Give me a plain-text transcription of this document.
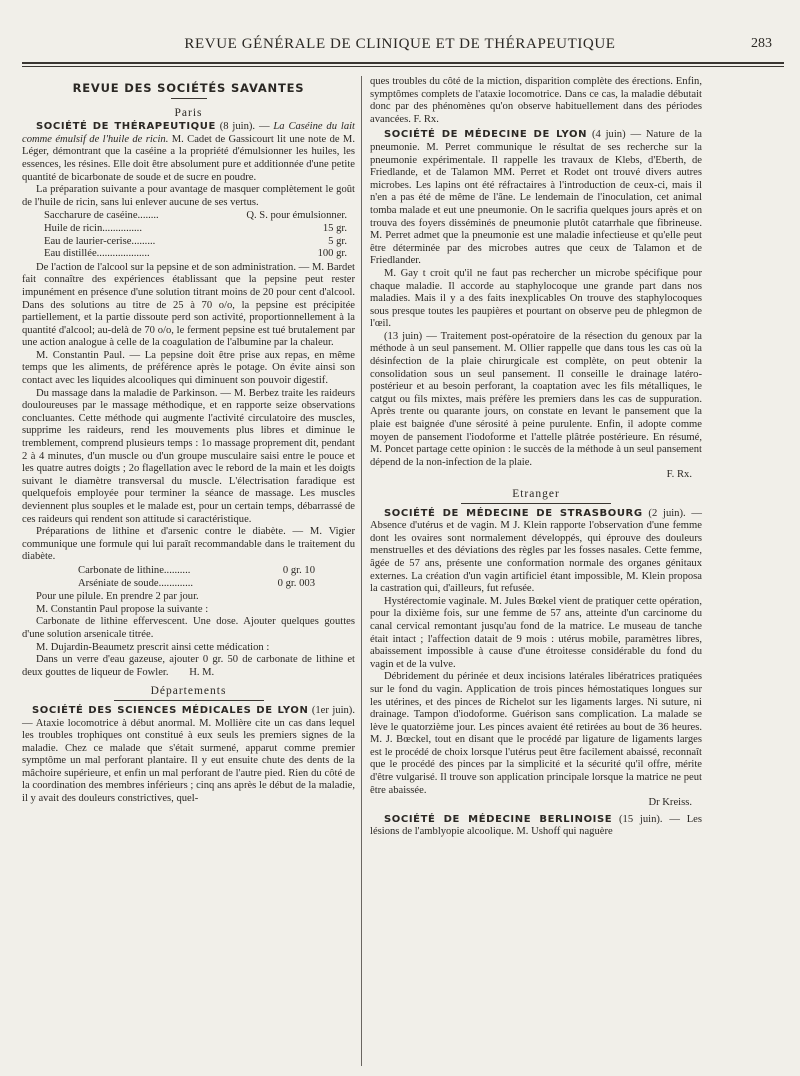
REVUE GÉNÉRALE DE CLINIQUE ET DE THÉRAPEUTIQUE	283
REVUE DES SOCIÉTÉS SAVANTES
Paris

SOCIÉTÉ DE THÉRAPEUTIQUE (8 juin). — La Caséine du lait comme émulsif de l'huile de ricin. M. Cadet de Gassicourt lit une note de M. Léger, démontrant que la caséine a la propriété d'émulsionner les huiles, les essences, les résines. Elle doit être absolument pure et additionnée d'une petite quantité de bicarbonate de soude et de sucre en poudre.

La préparation suivante a pour avantage de masquer complètement le goût de l'huile de ricin, sans lui enlever aucune de ses vertus.

Saccharure de caséine........	Q. S. pour émulsionner.
Huile de ricin...............	15 gr.
Eau de laurier-cerise.........	5 gr.
Eau distillée....................	100 gr.

De l'action de l'alcool sur la pepsine et de son administration. — M. Bardet fait connaître des expériences établissant que la pepsine peut rester impunément en présence d'une solution titrant moins de 20 pour cent d'alcool. Dans des solutions au titre de 25 à 70 o/o, la pepsine est précipitée partiellement, et la partie dissoute perd son activité, proportionnellement à la quantité d'alcool; au-delà de 70 o/o, le ferment pepsine est tué brutalement par une action analogue à celle de la coagulation de l'albumine par la chaleur.

M. Constantin Paul. — La pepsine doit être prise aux repas, en même temps que les aliments, de préférence après le potage. On évite ainsi son contact avec les liquides alcooliques qui diminuent son pouvoir digestif.

Du massage dans la maladie de Parkinson. — M. Berbez traite les raideurs douloureuses par le massage méthodique, et en rapporte seize observations concluantes. Cette méthode qui augmente l'activité circulatoire des muscles, supprime les raideurs, rend les mouvements plus libres et diminue le tremblement, comprend plusieurs temps : 1o massage proprement dit, pendant 2 à 4 minutes, d'un muscle ou d'un groupe musculaire saisi entre le pouce et les quatre autres doigts ; 2o flagellation avec le rebord de la main et les doigts suivant le diamètre transversal du muscle. L'électrisation faradique est quelquefois employée pour terminer la séance de massage. Les muscles deviennent plus souples et le malade est, pour un certain temps, débarrassé de ces raideurs qui rendent son attitude si caractéristique.

Préparations de lithine et d'arsenic contre le diabète. — M. Vigier communique une formule qui lui paraît recommandable dans le traitement du diabète.

Carbonate de lithine..........	0 gr. 10
Arséniate de soude.............	0 gr. 003

Pour une pilule. En prendre 2 par jour.

M. Constantin Paul propose la suivante :

Carbonate de lithine effervescent. Une dose. Ajouter quelques gouttes d'une solution arsenicale titrée.

M. Dujardin-Beaumetz prescrit ainsi cette médication :

Dans un verre d'eau gazeuse, ajouter 0 gr. 50 de carbonate de lithine et deux gouttes de liqueur de Fowler. H. M.

Départements

SOCIÉTÉ DES SCIENCES MÉDICALES DE LYON (1er juin). — Ataxie locomotrice à début anormal. M. Mollière cite un cas dans lequel les troubles trophiques ont constitué à eux seuls les premiers signes de la maladie. Chez ce malade que s'était surmené, apparut comme premier symptôme un mal perforant plantaire. Il y eut ensuite chute des dents de la mâchoire supérieure, et enfin un mal perforant de l'autre pied. Rien du côté de la coordination des membres inférieurs ; cinq ans après le début de la maladie, il y avait des douleurs constrictives, quel-

ques troubles du côté de la miction, disparition complète des érections. Enfin, symptômes complets de l'ataxie locomotrice. Dans ce cas, la maladie débutait donc par des phénomènes qu'on observe habituellement dans des périodes avancées. F. Rx.

SOCIÉTÉ DE MÉDECINE DE LYON (4 juin) — Nature de la pneumonie. M. Perret communique le résultat de ses recherche sur la pneumonie expérimentale. Il rappelle les travaux de Klebs, d'Eberth, de Friedlande, et de Talamon MM. Perret et Rodet ont trouvé divers autres microbes. Les lapins ont été réfractaires à l'introduction de ceux-ci, mais il n'en a pas été de même de l'âne. Le lendemain de l'inoculation, cet animal tomba malade et eut une pneumonie. On le sacrifia quelques jours après et on trouva des foyers disséminés de pneumonie plutôt catarrhale que fibrineuse. M. Perret admet que la pneumonie est une maladie infectieuse et qu'elle peut être déterminée par des microbes autres que ceux de Talamon et de Friedlander.

M. Gay t croit qu'il ne faut pas rechercher un microbe spécifique pour chaque maladie. Il accorde au staphylocoque une grande part dans nos maladies. Mais il y a des faits inexplicables On trouve des staphylocoques sous presque toutes les paupières et pourtant on observe peu de phlegmon de l'œil.

(13 juin) — Traitement post-opératoire de la résection du genoux par la méthode à un seul pansement. M. Ollier rappelle que dans tous les cas où la désinfection de la plaie chirurgicale est complète, on peut obtenir la consolidation sous un seul pansement. Il conseille le drainage latéro-postérieur et au besoin perforant, la coaptation avec les fils métalliques, le catgut ou fils mixtes, mais préfère les premiers dans les cas de suppuration. Après trente ou quarante jours, on constate en levant le pansement que la plaie est baignée d'une sérosité à peine purulente. Enfin, il adopte comme moyen de pansement l'iodoforme et l'attelle plâtrée postérieure. En résumé, M. Poncet partage cette opinion : le succès de la méthode à un seul pansement dépend de la non-infection de la plaie.

F. Rx.
Etranger

SOCIÉTÉ DE MÉDECINE DE STRASBOURG (2 juin). — Absence d'utérus et de vagin. M J. Klein rapporte l'observation d'une femme dont les ovaires sont normalement développés, qui éprouve des douleurs menstruelles et des déviations des règles par les fosses nasales. Cette femme, âgée de 57 ans, présente une conformation normale des organes génitaux externes. La création d'un vagin artificiel étant impossible, M. Klein proposa la castration qui, d'ailleurs, fut refusée.

Hystérectomie vaginale. M. Jules Bœkel vient de pratiquer cette opération, pour la dixième fois, sur une femme de 57 ans, atteinte d'un carcinome du canal cervical remontant jusqu'au fond de la matrice. Le museau de tanche était intact ; l'affection datait de 9 mois : utérus mobile, paramètres libres, abaissement impossible à cause d'une étroitesse considérable du fond du vagin et de la vulve.

Débridement du périnée et deux incisions latérales libératrices pratiquées sur le fond du vagin. Application de trois pinces hémostatiques longues sur les utérines, et des pinces de Richelot sur les ligaments larges. Ni suture, ni drainage. Tampon d'iodoforme. Guérison sans complication. La malade se lève le quatorzième jour. Les pinces avaient été retirées au bout de 36 heures. M. J. Bœckel, tout en disant que le procédé par ligature de ligaments larges est le procédé de choix lorsque l'utérus peut être facilement abaissé, reconnaît que le procédé des pinces par la simplicité et la sécurité qu'il offre, mérite d'être vulgarisé. Il trouve son application principale lorsque la matrice ne peut être abaissée.

Dr Kreiss.

SOCIÉTÉ DE MÉDECINE BERLINOISE (15 juin). — Les lésions de l'amblyopie alcoolique. M. Ushoff qui naguère
